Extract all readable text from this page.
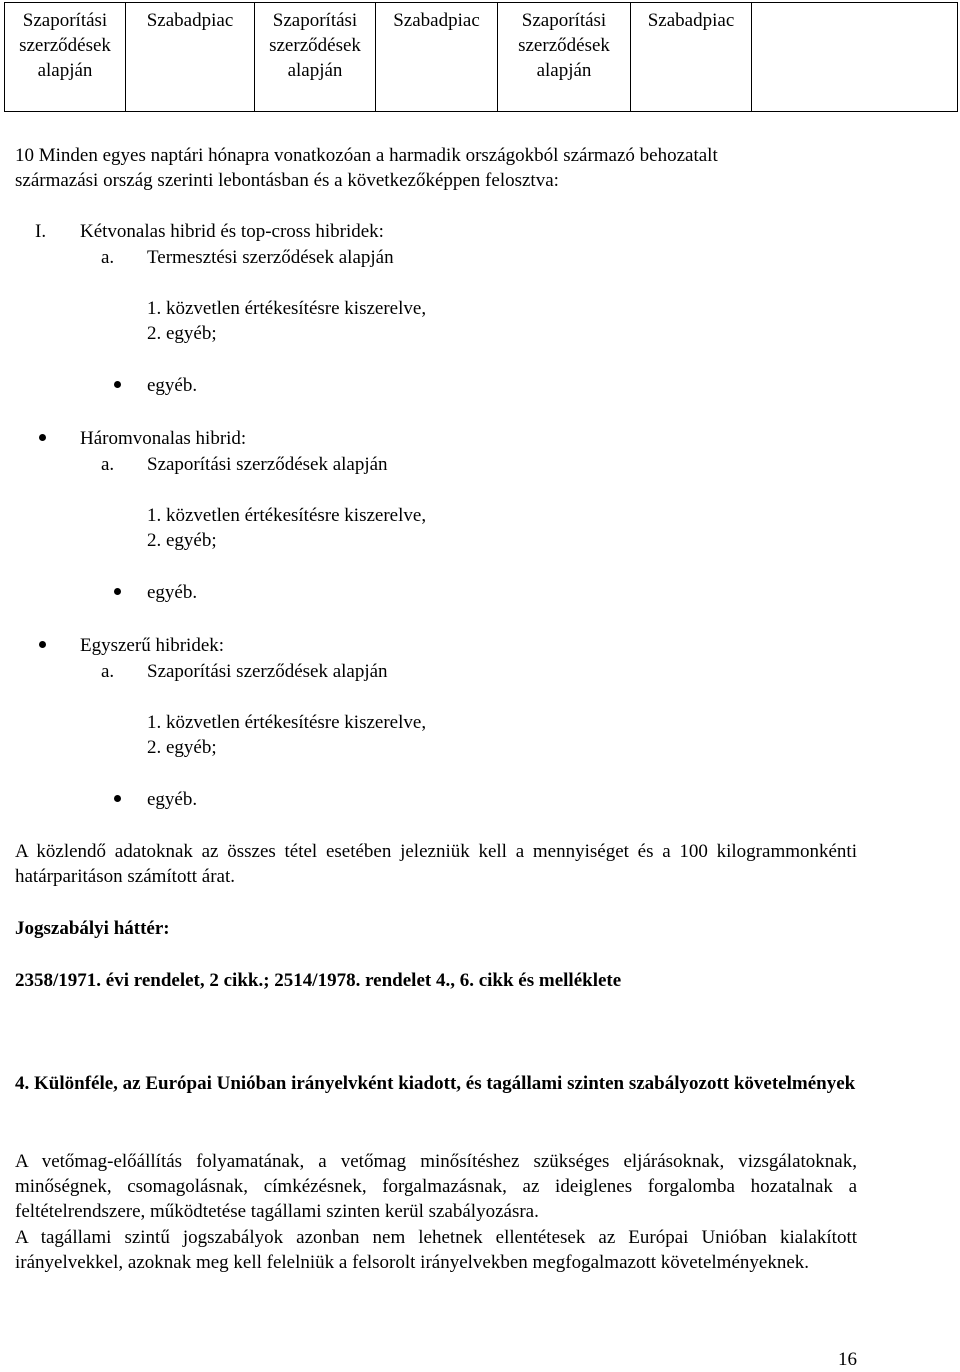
Szaporítási szerződések alapján	Szabadpiac	Szaporítási szerződések alapján	Szabadpiac	Szaporítási szerződések alapján	Szabadpiac	
10 Minden egyes naptári hónapra vonatkozóan a harmadik országokból származó behozatalt
származási ország szerinti lebontásban és a következőképpen felosztva:
I. Kétvonalas hibrid és top-cross hibridek:
a. Termesztési szerződések alapján
1. közvetlen értékesítésre kiszerelve,
2. egyéb;
egyéb.
Háromvonalas hibrid:
a. Szaporítási szerződések alapján
1. közvetlen értékesítésre kiszerelve,
2. egyéb;
egyéb.
Egyszerű hibridek:
a. Szaporítási szerződések alapján
1. közvetlen értékesítésre kiszerelve,
2. egyéb;
egyéb.
A közlendő adatoknak az összes tétel esetében jelezniük kell a mennyiséget és a 100 kilogrammonkénti határparitáson számított árat.
Jogszabályi háttér:
2358/1971. évi rendelet, 2 cikk.; 2514/1978. rendelet 4., 6. cikk és melléklete
4. Különféle, az Európai Unióban irányelvként kiadott, és tagállami szinten szabályozott követelmények
A vetőmag-előállítás folyamatának, a vetőmag minősítéshez szükséges eljárásoknak, vizsgálatoknak, minőségnek, csomagolásnak, címkézésnek, forgalmazásnak, az ideiglenes forgalomba hozatalnak a feltételrendszere, működtetése tagállami szinten kerül szabályozásra.
A tagállami szintű jogszabályok azonban nem lehetnek ellentétesek az Európai Unióban kialakított irányelvekkel, azoknak meg kell felelniük a felsorolt irányelvekben megfogalmazott követelményeknek.
16
